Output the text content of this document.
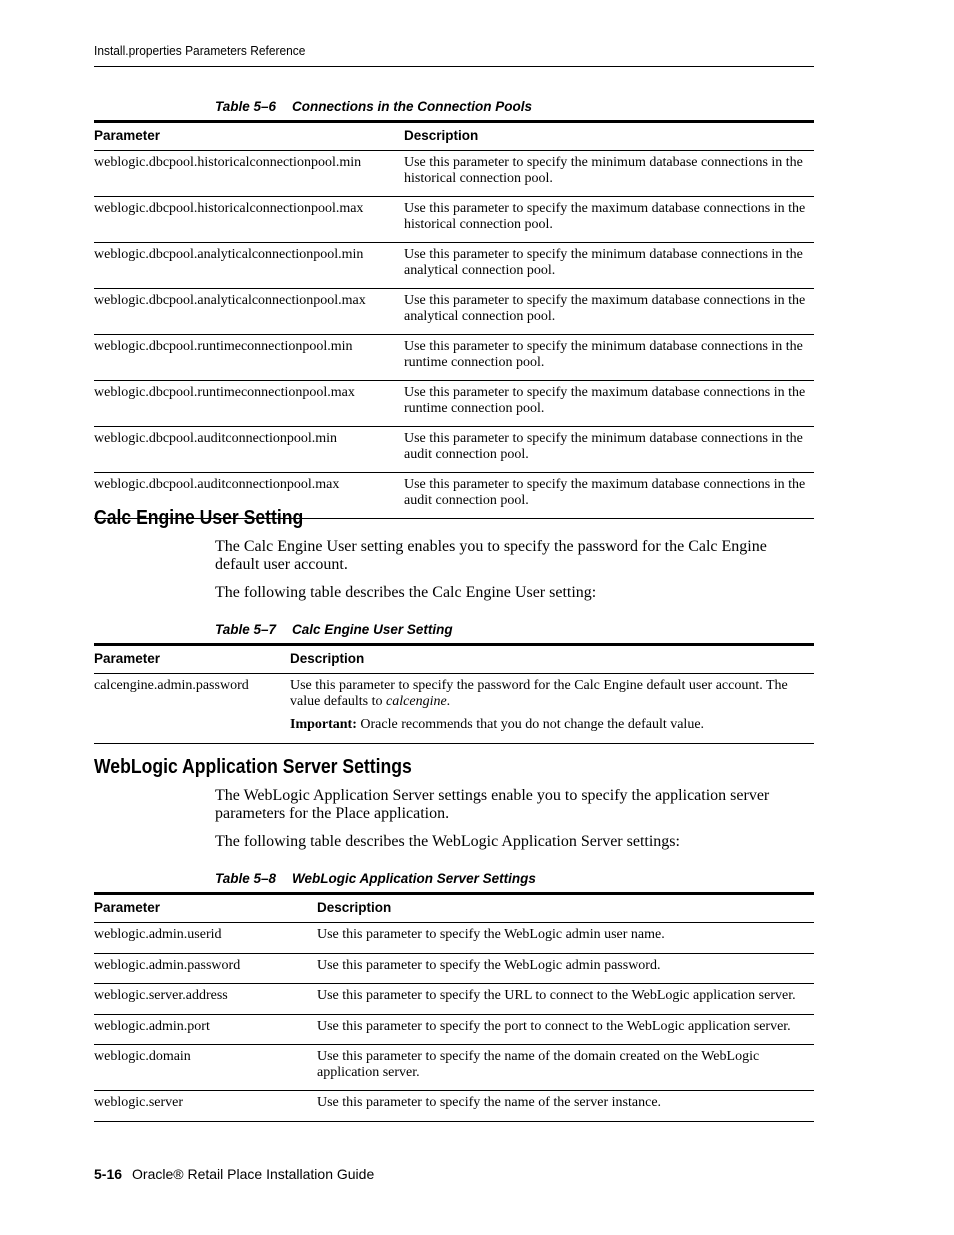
Install.properties Parameters Reference
Table 5–6 Connections in the Connection Pools
Parameter	Description
weblogic.dbcpool.historicalconnectionpool.min	Use this parameter to specify the minimum database connections in the historical connection pool.
weblogic.dbcpool.historicalconnectionpool.max	Use this parameter to specify the maximum database connections in the historical connection pool.
weblogic.dbcpool.analyticalconnectionpool.min	Use this parameter to specify the minimum database connections in the analytical connection pool.
weblogic.dbcpool.analyticalconnectionpool.max	Use this parameter to specify the maximum database connections in the analytical connection pool.
weblogic.dbcpool.runtimeconnectionpool.min	Use this parameter to specify the minimum database connections in the runtime connection pool.
weblogic.dbcpool.runtimeconnectionpool.max	Use this parameter to specify the maximum database connections in the runtime connection pool.
weblogic.dbcpool.auditconnectionpool.min	Use this parameter to specify the minimum database connections in the audit connection pool.
weblogic.dbcpool.auditconnectionpool.max	Use this parameter to specify the maximum database connections in the audit connection pool.
Calc Engine User Setting
The Calc Engine User setting enables you to specify the password for the Calc Engine default user account.
The following table describes the Calc Engine User setting:
Table 5–7 Calc Engine User Setting
Parameter	Description
calcengine.admin.password	Use this parameter to specify the password for the Calc Engine default user account. The value defaults to calcengine.
Important: Oracle recommends that you do not change the default value.
WebLogic Application Server Settings
The WebLogic Application Server settings enable you to specify the application server parameters for the Place application.
The following table describes the WebLogic Application Server settings:
Table 5–8 WebLogic Application Server Settings
Parameter	Description
weblogic.admin.userid	Use this parameter to specify the WebLogic admin user name.
weblogic.admin.password	Use this parameter to specify the WebLogic admin password.
weblogic.server.address	Use this parameter to specify the URL to connect to the WebLogic application server.
weblogic.admin.port	Use this parameter to specify the port to connect to the WebLogic application server.
weblogic.domain	Use this parameter to specify the name of the domain created on the WebLogic application server.
weblogic.server	Use this parameter to specify the name of the server instance.
5-16 Oracle® Retail Place Installation Guide
